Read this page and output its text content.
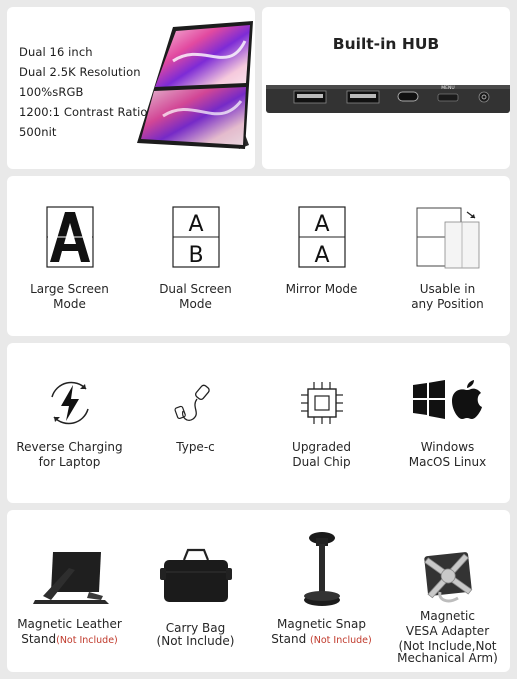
Dual 16 inch
Dual 2.5K Resolution
100%sRGB
1200:1 Contrast Ratio
500nit
Built-in HUB
MENU
Large Screen
Mode
A
B
Dual Screen
Mode
A
A
Mirror Mode	Usable in
any Position
Reverse Charging
for Laptop
Type-c	Upgraded
Dual Chip
Windows
MacOS Linux
Magnetic Leather
Stand(Not Include)
Carry Bag
(Not Include)
Magnetic Snap
Stand (Not Include)
Magnetic
VESA Adapter
(Not Include,Not
Mechanical Arm)
